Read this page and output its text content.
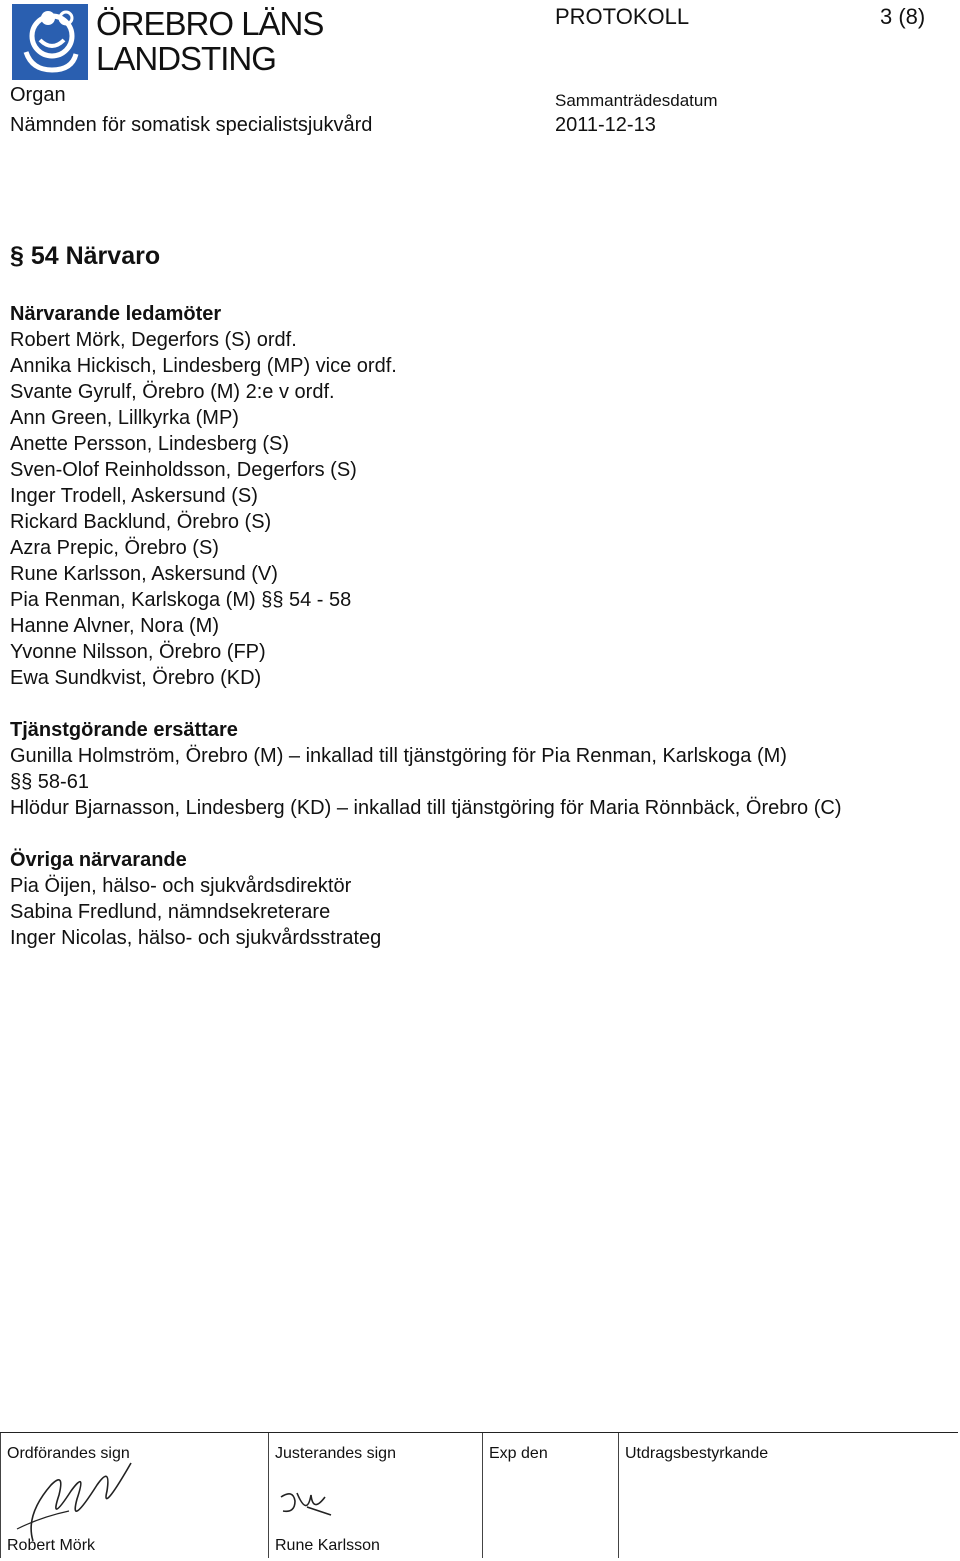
ÖREBRO LÄNS
LANDSTING
PROTOKOLL	3 (8)
Organ
Nämnden för somatisk specialistsjukvård
Sammanträdesdatum
2011-12-13
§ 54 Närvaro
Närvarande ledamöter
Robert Mörk, Degerfors (S) ordf.
Annika Hickisch, Lindesberg (MP) vice ordf.
Svante Gyrulf, Örebro (M) 2:e v ordf.
Ann Green, Lillkyrka (MP)
Anette Persson, Lindesberg (S)
Sven-Olof Reinholdsson, Degerfors (S)
Inger Trodell, Askersund (S)
Rickard Backlund, Örebro (S)
Azra Prepic, Örebro (S)
Rune Karlsson, Askersund (V)
Pia Renman, Karlskoga (M) §§ 54 - 58
Hanne Alvner, Nora (M)
Yvonne Nilsson, Örebro (FP)
Ewa Sundkvist, Örebro (KD)
Tjänstgörande ersättare
Gunilla Holmström, Örebro (M) – inkallad till tjänstgöring för Pia Renman, Karlskoga (M)
§§ 58-61
Hlödur Bjarnasson, Lindesberg (KD) – inkallad till tjänstgöring för Maria Rönnbäck, Örebro (C)
Övriga närvarande
Pia Öijen, hälso- och sjukvårdsdirektör
Sabina Fredlund, nämndsekreterare
Inger Nicolas, hälso- och sjukvårdsstrateg
Ordförandes sign
Robert Mörk
Justerandes sign
Rune Karlsson
Exp den	Utdragsbestyrkande
